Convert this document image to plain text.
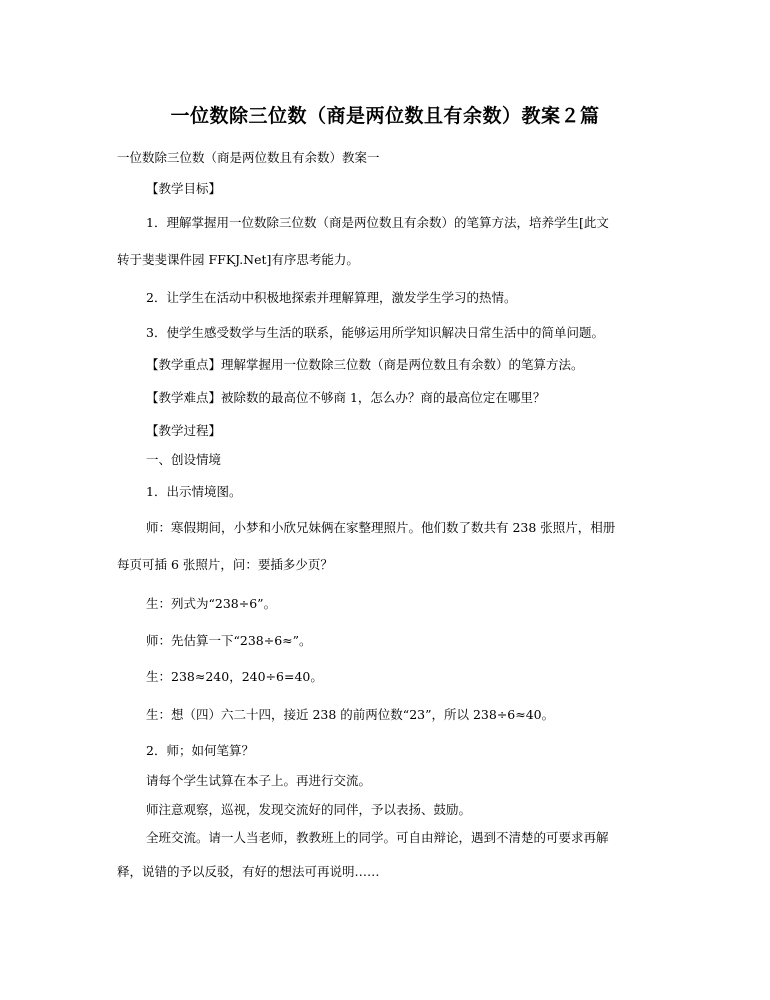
一位数除三位数（商是两位数且有余数）教案２篇
一位数除三位数（商是两位数且有余数）教案一
【教学目标】
1．理解掌握用一位数除三位数（商是两位数且有余数）的笔算方法，培养学生[此文
转于斐斐课件园 FFKJ.Net]有序思考能力。
2．让学生在活动中积极地探索并理解算理，激发学生学习的热情。
3．使学生感受数学与生活的联系，能够运用所学知识解决日常生活中的简单问题。
【教学重点】理解掌握用一位数除三位数（商是两位数且有余数）的笔算方法。
【教学难点】被除数的最高位不够商 1，怎么办？商的最高位定在哪里？
【教学过程】
一、创设情境
1．出示情境图。
师：寒假期间，小梦和小欣兄妹俩在家整理照片。他们数了数共有 238 张照片，相册
每页可插 6 张照片，问：要插多少页？
生：列式为“238÷6”。
师：先估算一下“238÷6≈”。
生：238≈240，240÷6=40。
生：想（四）六二十四，接近 238 的前两位数“23”，所以 238÷6≈40。
2．师；如何笔算？
请每个学生试算在本子上。再进行交流。
师注意观察，巡视，发现交流好的同伴，予以表扬、鼓励。
全班交流。请一人当老师，教教班上的同学。可自由辩论，遇到不清楚的可要求再解
释，说错的予以反驳，有好的想法可再说明……
